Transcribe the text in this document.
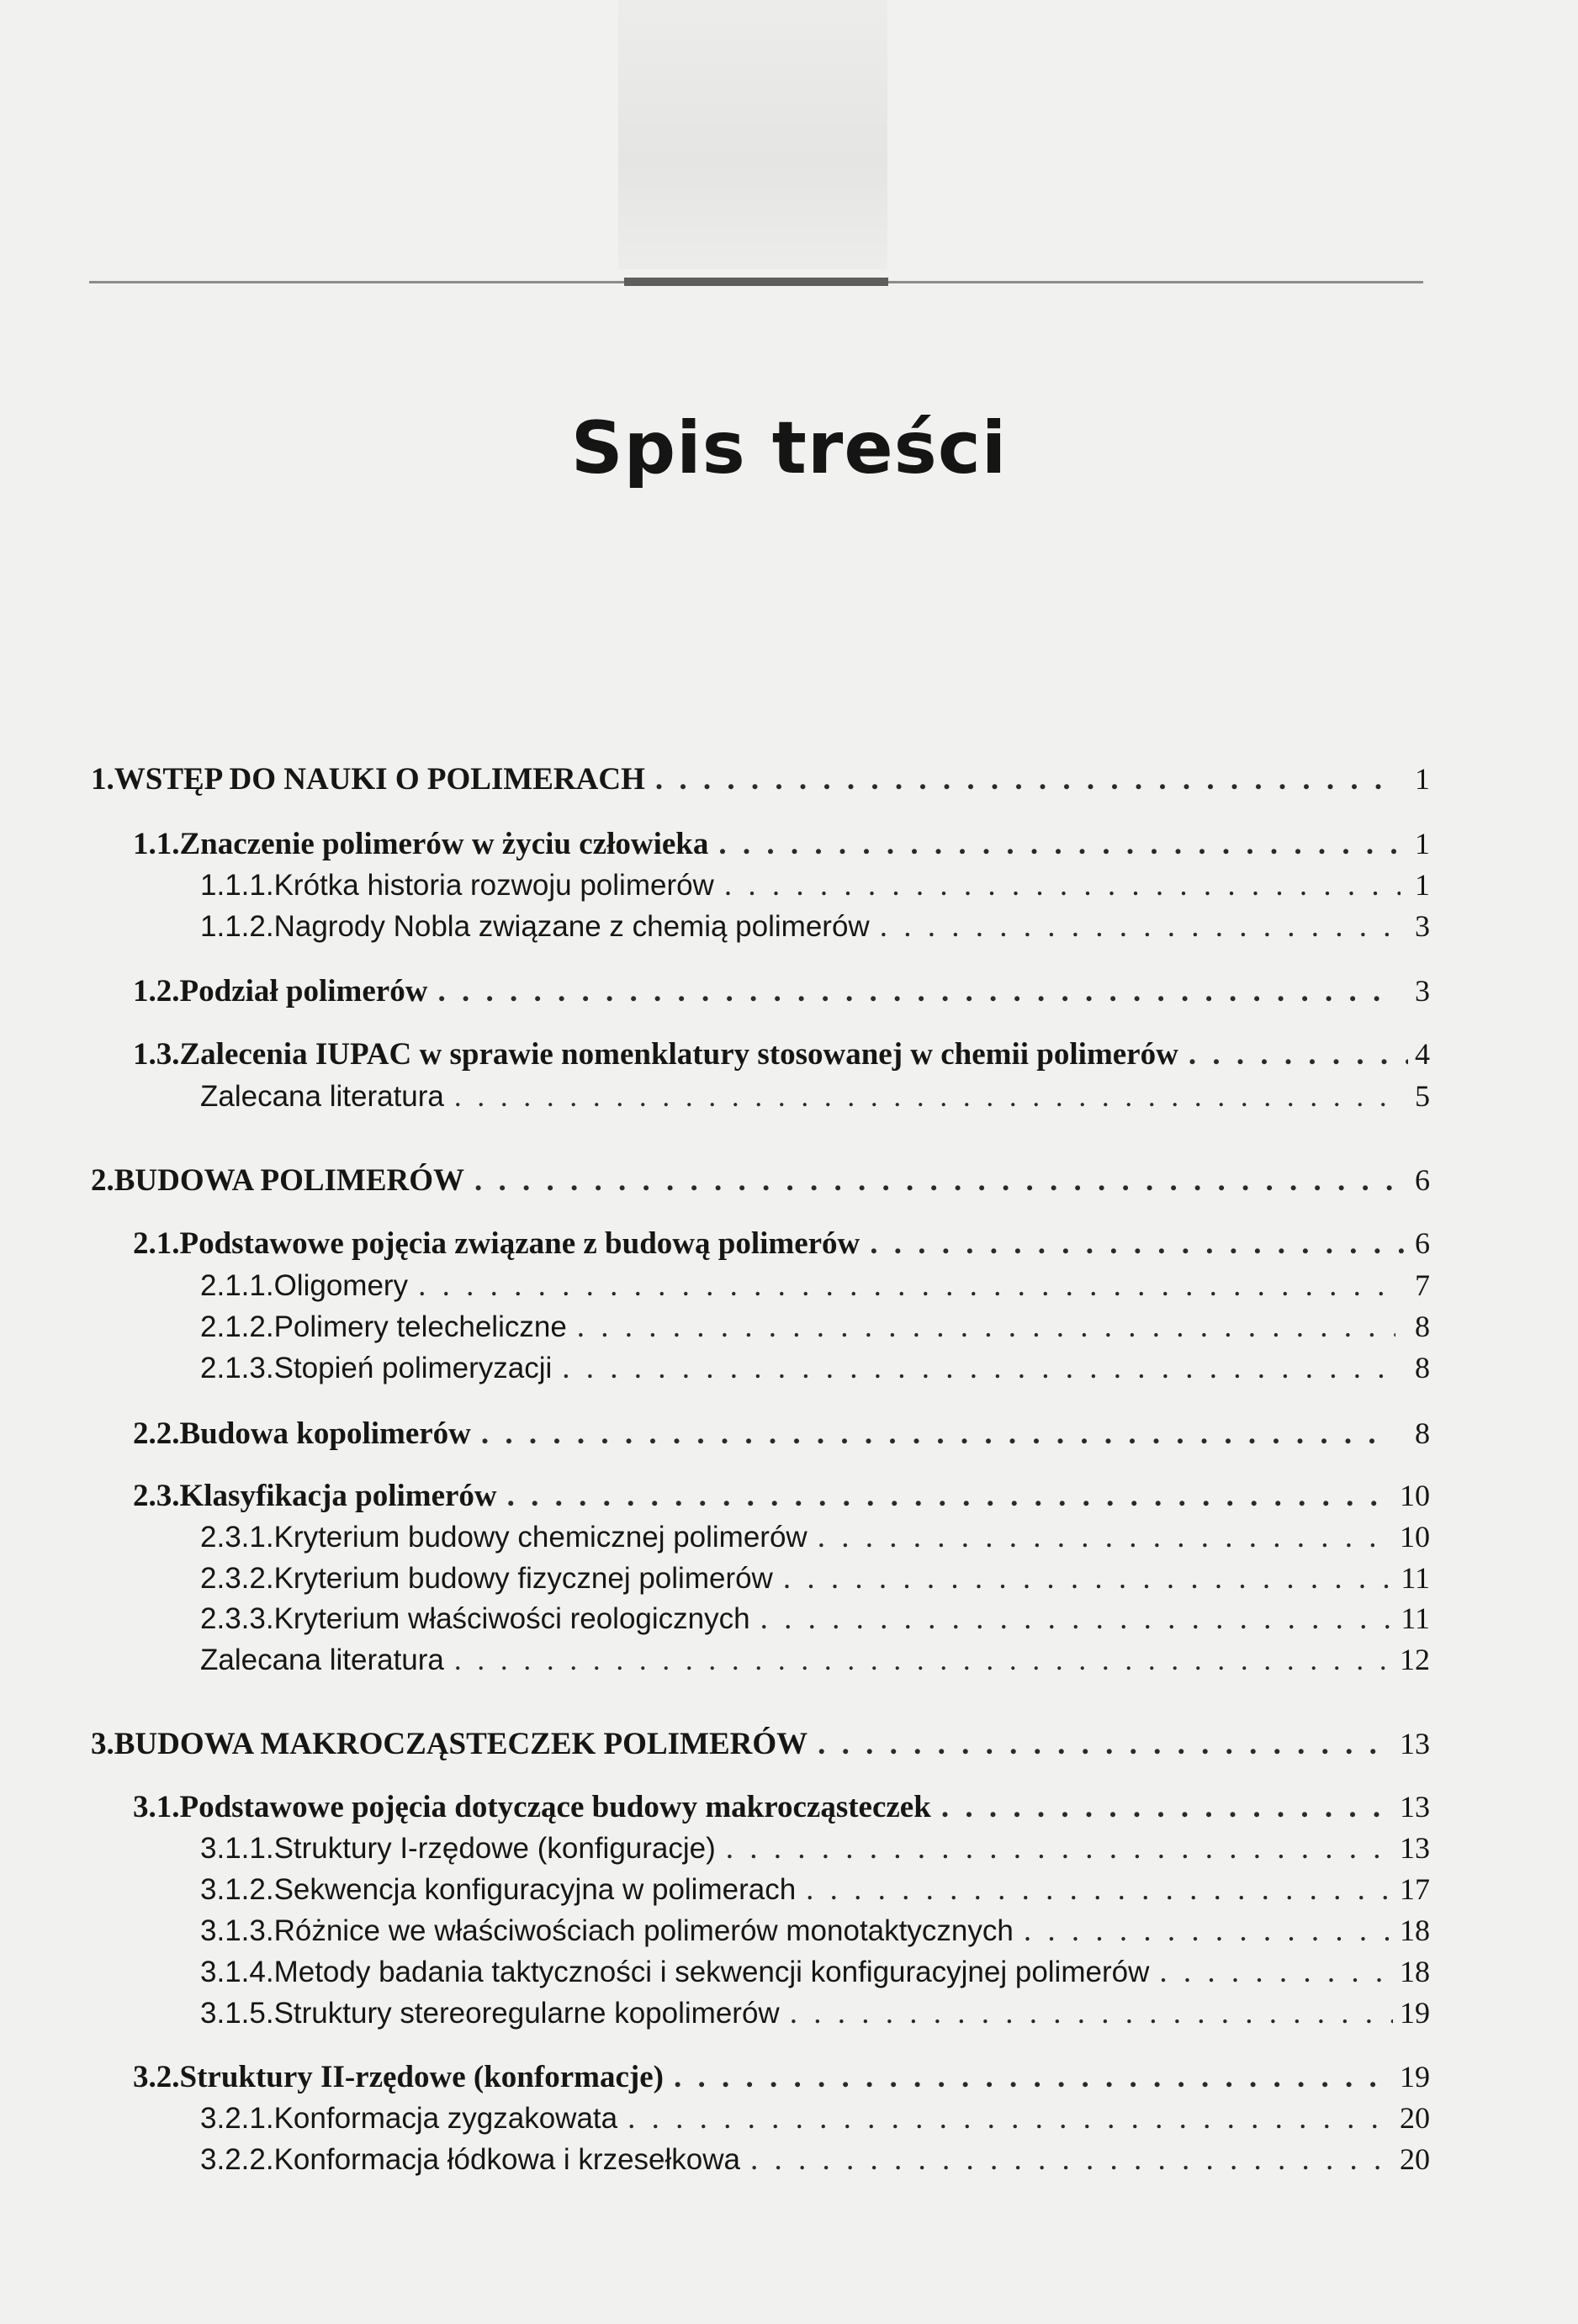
Spis treści
1. WSTĘP DO NAUKI O POLIMERACH . . .	1
1.1. Znaczenie polimerów w życiu człowieka . . .	1
1.1.1. Krótka historia rozwoju polimerów . . .	1
1.1.2. Nagrody Nobla związane z chemią polimerów . . .	3
1.2. Podział polimerów . . .	3
1.3. Zalecenia IUPAC w sprawie nomenklatury stosowanej w chemii polimerów . . .	4
Zalecana literatura . . .	5
2. BUDOWA POLIMERÓW . . .	6
2.1. Podstawowe pojęcia związane z budową polimerów . . .	6
2.1.1. Oligomery . . .	7
2.1.2. Polimery telecheliczne . . .	8
2.1.3. Stopień polimeryzacji . . .	8
2.2. Budowa kopolimerów . . .	8
2.3. Klasyfikacja polimerów . . .	10
2.3.1. Kryterium budowy chemicznej polimerów . . .	10
2.3.2. Kryterium budowy fizycznej polimerów . . .	11
2.3.3. Kryterium właściwości reologicznych . . .	11
Zalecana literatura . . .	12
3. BUDOWA MAKROCZĄSTECZEK POLIMERÓW . . .	13
3.1. Podstawowe pojęcia dotyczące budowy makrocząsteczek . . .	13
3.1.1. Struktury I-rzędowe (konfiguracje) . . .	13
3.1.2. Sekwencja konfiguracyjna w polimerach . . .	17
3.1.3. Różnice we właściwościach polimerów monotaktycznych . . .	18
3.1.4. Metody badania taktyczności i sekwencji konfiguracyjnej polimerów . . .	18
3.1.5. Struktury stereoregularne kopolimerów . . .	19
3.2. Struktury II-rzędowe (konformacje) . . .	19
3.2.1. Konformacja zygzakowata . . .	20
3.2.2. Konformacja łódkowa i krzesełkowa . . .	20
